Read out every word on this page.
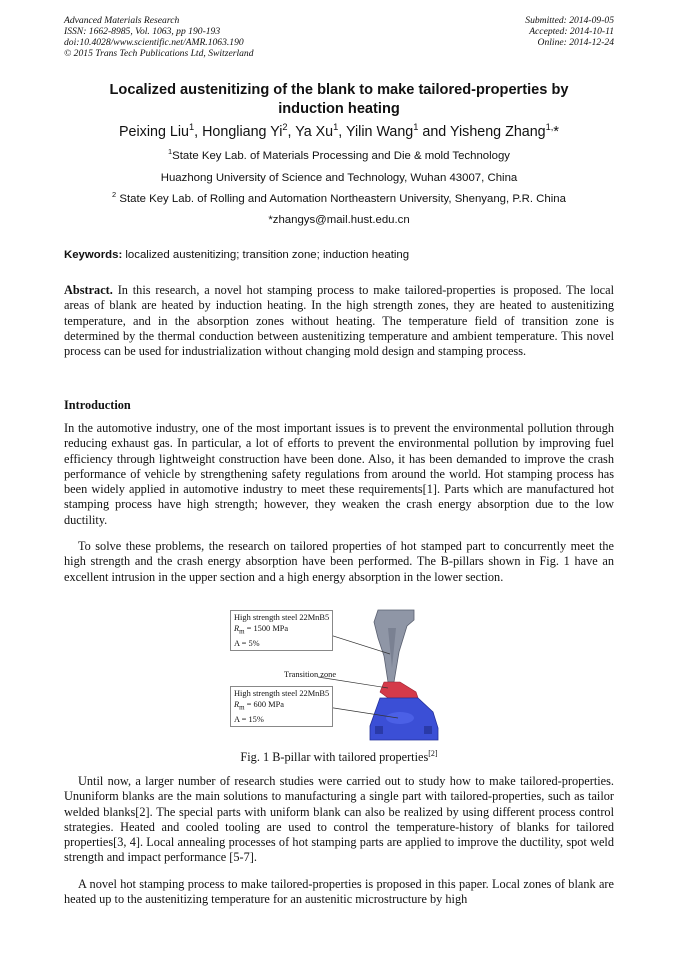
Advanced Materials Research
ISSN: 1662-8985, Vol. 1063, pp 190-193
doi:10.4028/www.scientific.net/AMR.1063.190
© 2015 Trans Tech Publications Ltd, Switzerland
Submitted: 2014-09-05
Accepted: 2014-10-11
Online: 2014-12-24
Localized austenitizing of the blank to make tailored-properties by
induction heating
Peixing Liu$^1$, Hongliang Yi$^2$, Ya Xu$^1$, Yilin Wang$^1$ and Yisheng Zhang$^{1,}$*
$^1$State Key Lab. of Materials Processing and Die & mold Technology
Huazhong University of Science and Technology, Wuhan 43007, China
$^2$ State Key Lab. of Rolling and Automation Northeastern University, Shenyang, P.R. China
*zhangys@mail.hust.edu.cn
Keywords: localized austenitizing; transition zone; induction heating

Abstract. In this research, a novel hot stamping process to make tailored-properties is proposed. The local areas of blank are heated by induction heating. In the high strength zones, they are heated to austenitizing temperature, and in the absorption zones without heating. The temperature field of transition zone is determined by the thermal conduction between austenitizing temperature and ambient temperature. This novel process can be used for industrialization without changing mold design and stamping process.

Introduction

In the automotive industry, one of the most important issues is to prevent the environmental pollution through reducing exhaust gas. In particular, a lot of efforts to prevent the environmental pollution by improving fuel efficiency through lightweight construction have been done. Also, it has been demanded to improve the crash performance of vehicle by strengthening safety regulations from around the world. Hot stamping process has been widely applied in automotive industry to meet these requirements[1]. Parts which are manufactured hot stamping process have high strength; however, they weaken the crash energy absorption due to the low ductility.

To solve these problems, the research on tailored properties of hot stamped part to concurrently meet the high strength and the crash energy absorption have been performed. The B-pillars shown in Fig. 1 have an excellent intrusion in the upper section and a high energy absorption in the lower section.

High strength steel 22MnB5
$R_m = 1500$ MPa
A = 5%
Transition zone
High strength steel 22MnB5
$R_m = 600$ MPa
A = 15%
Fig. 1 B-pillar with tailored properties[2]

Until now, a larger number of research studies were carried out to study how to make tailored-properties. Ununiform blanks are the main solutions to manufacturing a single part with tailored-properties, such as tailor welded blanks[2]. The special parts with uniform blank can also be realized by using different process control strategies. Heated and cooled tooling are used to control the temperature-history of blanks for tailored properties[3, 4]. Local annealing processes of hot stamping parts are applied to improve the ductility, spot weld strength and impact performance [5-7].

A novel hot stamping process to make tailored-properties is proposed in this paper. Local zones of blank are heated up to the austenitizing temperature for an austenitic microstructure by high
